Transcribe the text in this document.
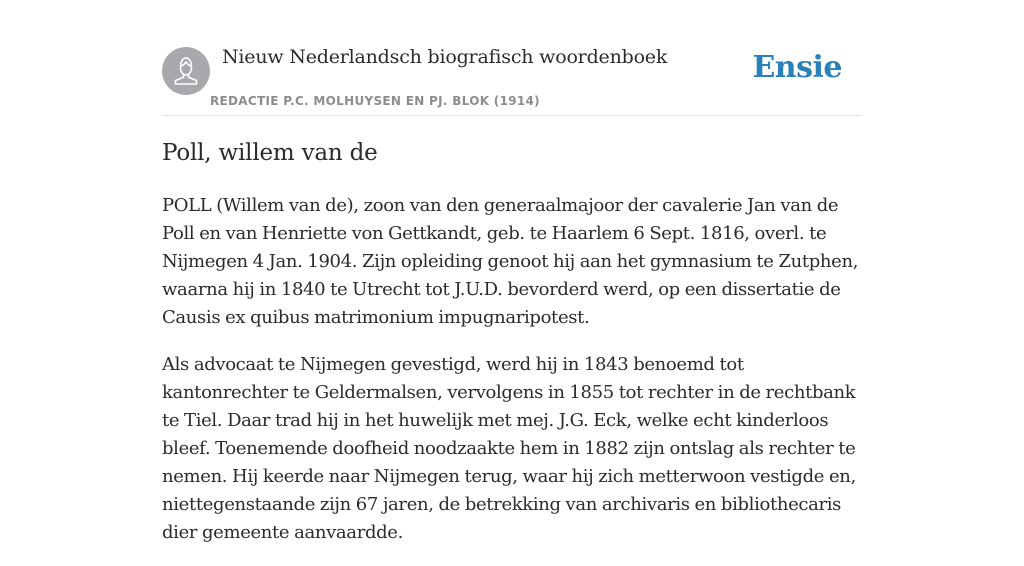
Nieuw Nederlandsch biografisch woordenboek
REDACTIE P.C. MOLHUYSEN EN PJ. BLOK (1914)
Ensie
Poll, willem van de

POLL (Willem van de), zoon van den generaalmajoor der cavalerie Jan van de Poll en van Henriette von Gettkandt, geb. te Haarlem 6 Sept. 1816, overl. te Nijmegen 4 Jan. 1904. Zijn opleiding genoot hij aan het gymnasium te Zutphen, waarna hij in 1840 te Utrecht tot J.U.D. bevorderd werd, op een dissertatie de Causis ex quibus matrimonium impugnaripotest.

Als advocaat te Nijmegen gevestigd, werd hij in 1843 benoemd tot kantonrechter te Geldermalsen, vervolgens in 1855 tot rechter in de rechtbank te Tiel. Daar trad hij in het huwelijk met mej. J.G. Eck, welke echt kinderloos bleef. Toenemende doofheid noodzaakte hem in 1882 zijn ontslag als rechter te nemen. Hij keerde naar Nijmegen terug, waar hij zich metterwoon vestigde en, niettegenstaande zijn 67 jaren, de betrekking van archivaris en bibliothecaris dier gemeente aanvaardde.
